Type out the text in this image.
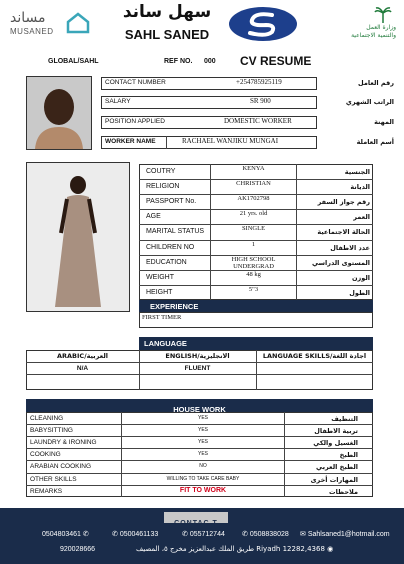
مساند
MUSANED
سهل ساند
SAHL SANED	وزارة العمل
والتنمية الاجتماعية
GLOBAL/SAHL	REF NO. 000 CV RESUME
CONTACT NUMBER	+254785925119	رقم العامل
SALARY	SR 900	الراتب الشهري
POSITION APPLIED	DOMESTIC WORKER	المهنة
WORKER NAME	RACHAEL WANJIKU MUNGAI	أسم العاملة
COUTRY	KENYA	الجنسية
RELIGION	CHRISTIAN	الديانة
PASSPORT No.	AK1702798	رقم جواز السفر
AGE	21 yrs. old	العمر
MARITAL STATUS	SINGLE	الحالة الاجتماعية
CHILDREN NO	1	عدد الاطفال
EDUCATION	HIGH SCHOOL UNDERGRAD	المستوى الدراسي
WEIGHT	48 kg	الوزن
HEIGHT	5"3	الطول
EXPERIENCE
FIRST TIMER
LANGUAGE
ARABIC/العربية	ENGLISH/الانجليزية	LANGUAGE SKILLS/اجادة اللغة
N/A	FLUENT
HOUSE WORK
CLEANING	YES	التنظيف
BABYSITTING	YES	تربية الاطفال
LAUNDRY & IRONING	YES	الغسيل والكي
COOKING	YES	الطبخ
ARABIAN COOKING	NO	الطبخ العربي
OTHER SKILLS	WILLING TO TAKE CARE BABY	المهارات أخرى
REMARKS	FIT TO WORK	ملاحظات
CONTAC T
0504803461 ✆	✆ 0500461133	✆ 055712744 ✆ 0508838028 ✉ Sahlsaned1@hotmail.com
920028666	طريق الملك عبدالعزيز مخرج ٥، المصيف Riyadh 12282,4368 ◉
